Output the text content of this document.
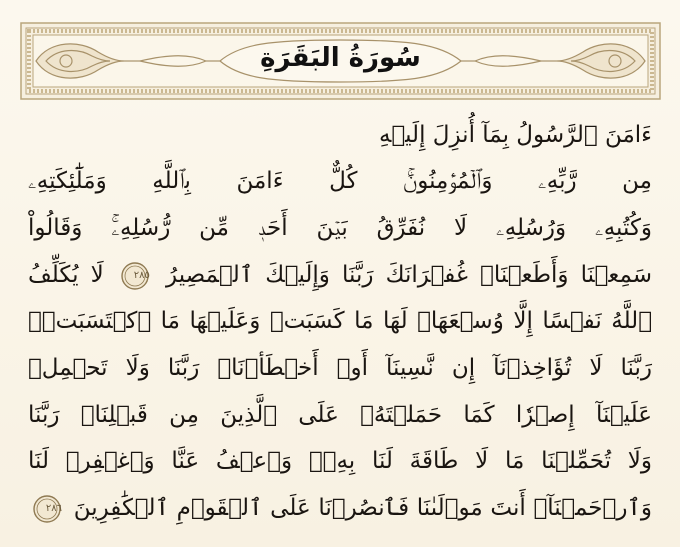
سُورَةُ البَقَرَةِ
ءَامَنَ ٱلرَّسُولُ بِمَآ أُنزِلَ إِلَيۡهِ
مِن رَّبِّهِۦ وَٱلۡمُؤۡمِنُونَۚ كُلٌّ ءَامَنَ بِٱللَّهِ وَمَلَٰٓئِكَتِهِۦ
وَكُتُبِهِۦ وَرُسُلِهِۦ لَا نُفَرِّقُ بَيۡنَ أَحَدٖ مِّن رُّسُلِهِۦۚ وَقَالُواْ
سَمِعۡنَا وَأَطَعۡنَاۖ غُفۡرَانَكَ رَبَّنَا وَإِلَيۡكَ ٱلۡمَصِيرُ
٢٨٥
لَا يُكَلِّفُ
ٱللَّهُ نَفۡسًا إِلَّا وُسۡعَهَاۚ لَهَا مَا كَسَبَتۡ وَعَلَيۡهَا مَا ٱكۡتَسَبَتۡۗ
رَبَّنَا لَا تُؤَاخِذۡنَآ إِن نَّسِينَآ أَوۡ أَخۡطَأۡنَاۚ رَبَّنَا وَلَا تَحۡمِلۡ
عَلَيۡنَآ إِصۡرٗا كَمَا حَمَلۡتَهُۥ عَلَى ٱلَّذِينَ مِن قَبۡلِنَاۚ رَبَّنَا
وَلَا تُحَمِّلۡنَا مَا لَا طَاقَةَ لَنَا بِهِۦۖ وَٱعۡفُ عَنَّا وَٱغۡفِرۡ لَنَا
وَٱرۡحَمۡنَآۚ أَنتَ مَوۡلَىٰنَا فَٱنصُرۡنَا عَلَى ٱلۡقَوۡمِ ٱلۡكَٰفِرِينَ
٢٨٦
